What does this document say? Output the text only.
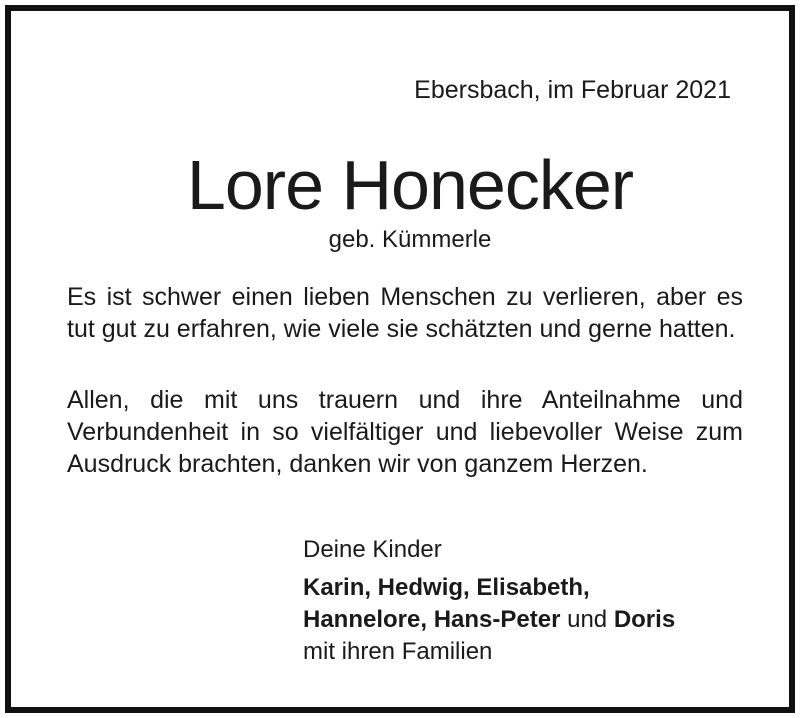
Ebersbach, im Februar 2021
Lore Honecker
geb. Kümmerle
Es ist schwer einen lieben Menschen zu verlieren, aber es tut gut zu erfahren, wie viele sie schätzten und gerne hatten.
Allen, die mit uns trauern und ihre Anteilnahme und Verbundenheit in so vielfältiger und liebevoller Weise zum Ausdruck brachten, danken wir von ganzem Herzen.
Deine Kinder
Karin, Hedwig, Elisabeth,
Hannelore, Hans-Peter und Doris
mit ihren Familien
